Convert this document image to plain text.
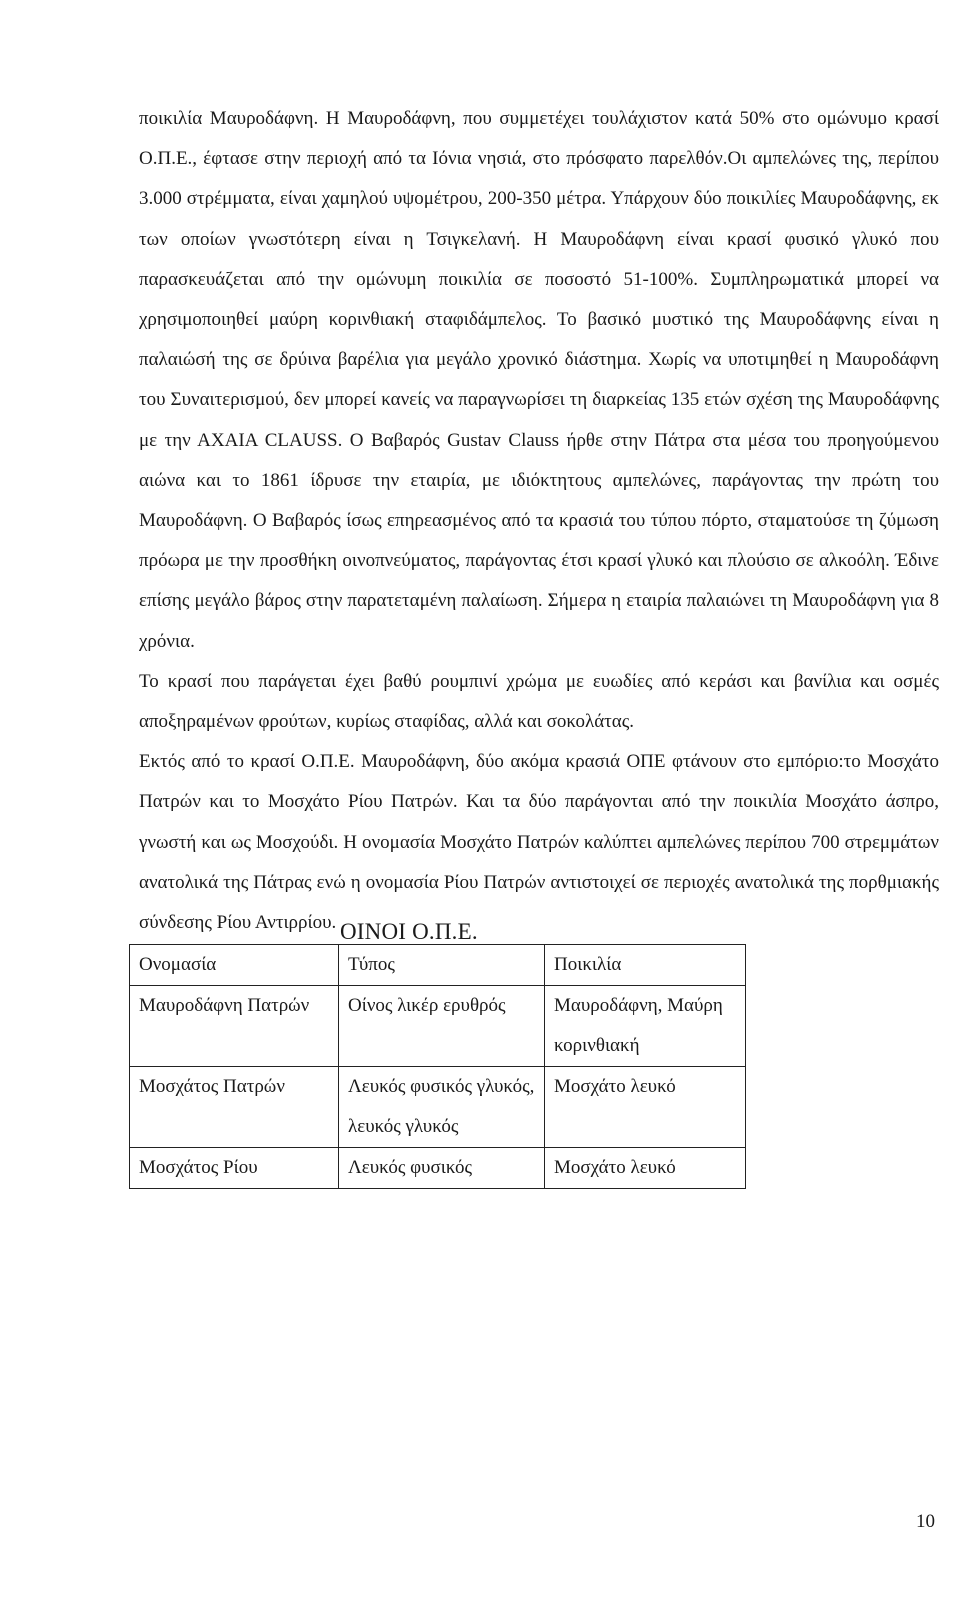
ποικιλία Μαυροδάφνη. Η Μαυροδάφνη, που συμμετέχει τουλάχιστον κατά 50% στο ομώνυμο κρασί Ο.Π.Ε., έφτασε στην περιοχή από τα Ιόνια νησιά, στο πρόσφατο παρελθόν.Οι αμπελώνες της, περίπου 3.000 στρέμματα, είναι χαμηλού υψομέτρου, 200-350 μέτρα. Υπάρχουν δύο ποικιλίες Μαυροδάφνης, εκ των οποίων γνωστότερη είναι η Τσιγκελανή. Η Μαυροδάφνη είναι κρασί φυσικό γλυκό που παρασκευάζεται από την ομώνυμη ποικιλία σε ποσοστό 51-100%. Συμπληρωματικά μπορεί να χρησιμοποιηθεί μαύρη κορινθιακή σταφιδάμπελος. Το βασικό μυστικό της Μαυροδάφνης είναι η παλαιώσή της σε δρύινα βαρέλια για μεγάλο χρονικό διάστημα. Χωρίς να υποτιμηθεί η Μαυροδάφνη του Συναιτερισμού, δεν μπορεί κανείς να παραγνωρίσει τη διαρκείας 135 ετών σχέση της Μαυροδάφνης με την ΑΧΑΙΑ CLAUSS. Ο Βαβαρός Gustav Clauss ήρθε στην Πάτρα στα μέσα του προηγούμενου αιώνα και το 1861 ίδρυσε την εταιρία, με ιδιόκτητους αμπελώνες, παράγοντας την πρώτη του Μαυροδάφνη. Ο Βαβαρός ίσως επηρεασμένος από τα κρασιά του τύπου πόρτο, σταματούσε τη ζύμωση πρόωρα με την προσθήκη οινοπνεύματος, παράγοντας έτσι κρασί γλυκό και πλούσιο σε αλκοόλη. Έδινε επίσης μεγάλο βάρος στην παρατεταμένη παλαίωση. Σήμερα η εταιρία παλαιώνει τη Μαυροδάφνη για 8 χρόνια.

Το κρασί που παράγεται έχει βαθύ ρουμπινί χρώμα με ευωδίες από κεράσι και βανίλια και οσμές αποξηραμένων φρούτων, κυρίως σταφίδας, αλλά και σοκολάτας.

Εκτός από το κρασί Ο.Π.Ε. Μαυροδάφνη, δύο ακόμα κρασιά ΟΠΕ φτάνουν στο εμπόριο:το Μοσχάτο Πατρών και το Μοσχάτο Ρίου Πατρών. Και τα δύο παράγονται από την ποικιλία Μοσχάτο άσπρο, γνωστή και ως Μοσχούδι. Η ονομασία Μοσχάτο Πατρών καλύπτει αμπελώνες περίπου 700 στρεμμάτων ανατολικά της Πάτρας ενώ η ονομασία Ρίου Πατρών αντιστοιχεί σε περιοχές ανατολικά της πορθμιακής σύνδεσης Ρίου Αντιρρίου. ΟΙΝΟΙ Ο.Π.Ε.
Ονομασία	Τύπος	Ποικιλία
Μαυροδάφνη Πατρών	Οίνος λικέρ ερυθρός	Μαυροδάφνη, Μαύρη κορινθιακή
Μοσχάτος Πατρών	Λευκός φυσικός γλυκός, λευκός γλυκός	Μοσχάτο λευκό
Μοσχάτος Ρίου	Λευκός φυσικός	Μοσχάτο λευκό
10
